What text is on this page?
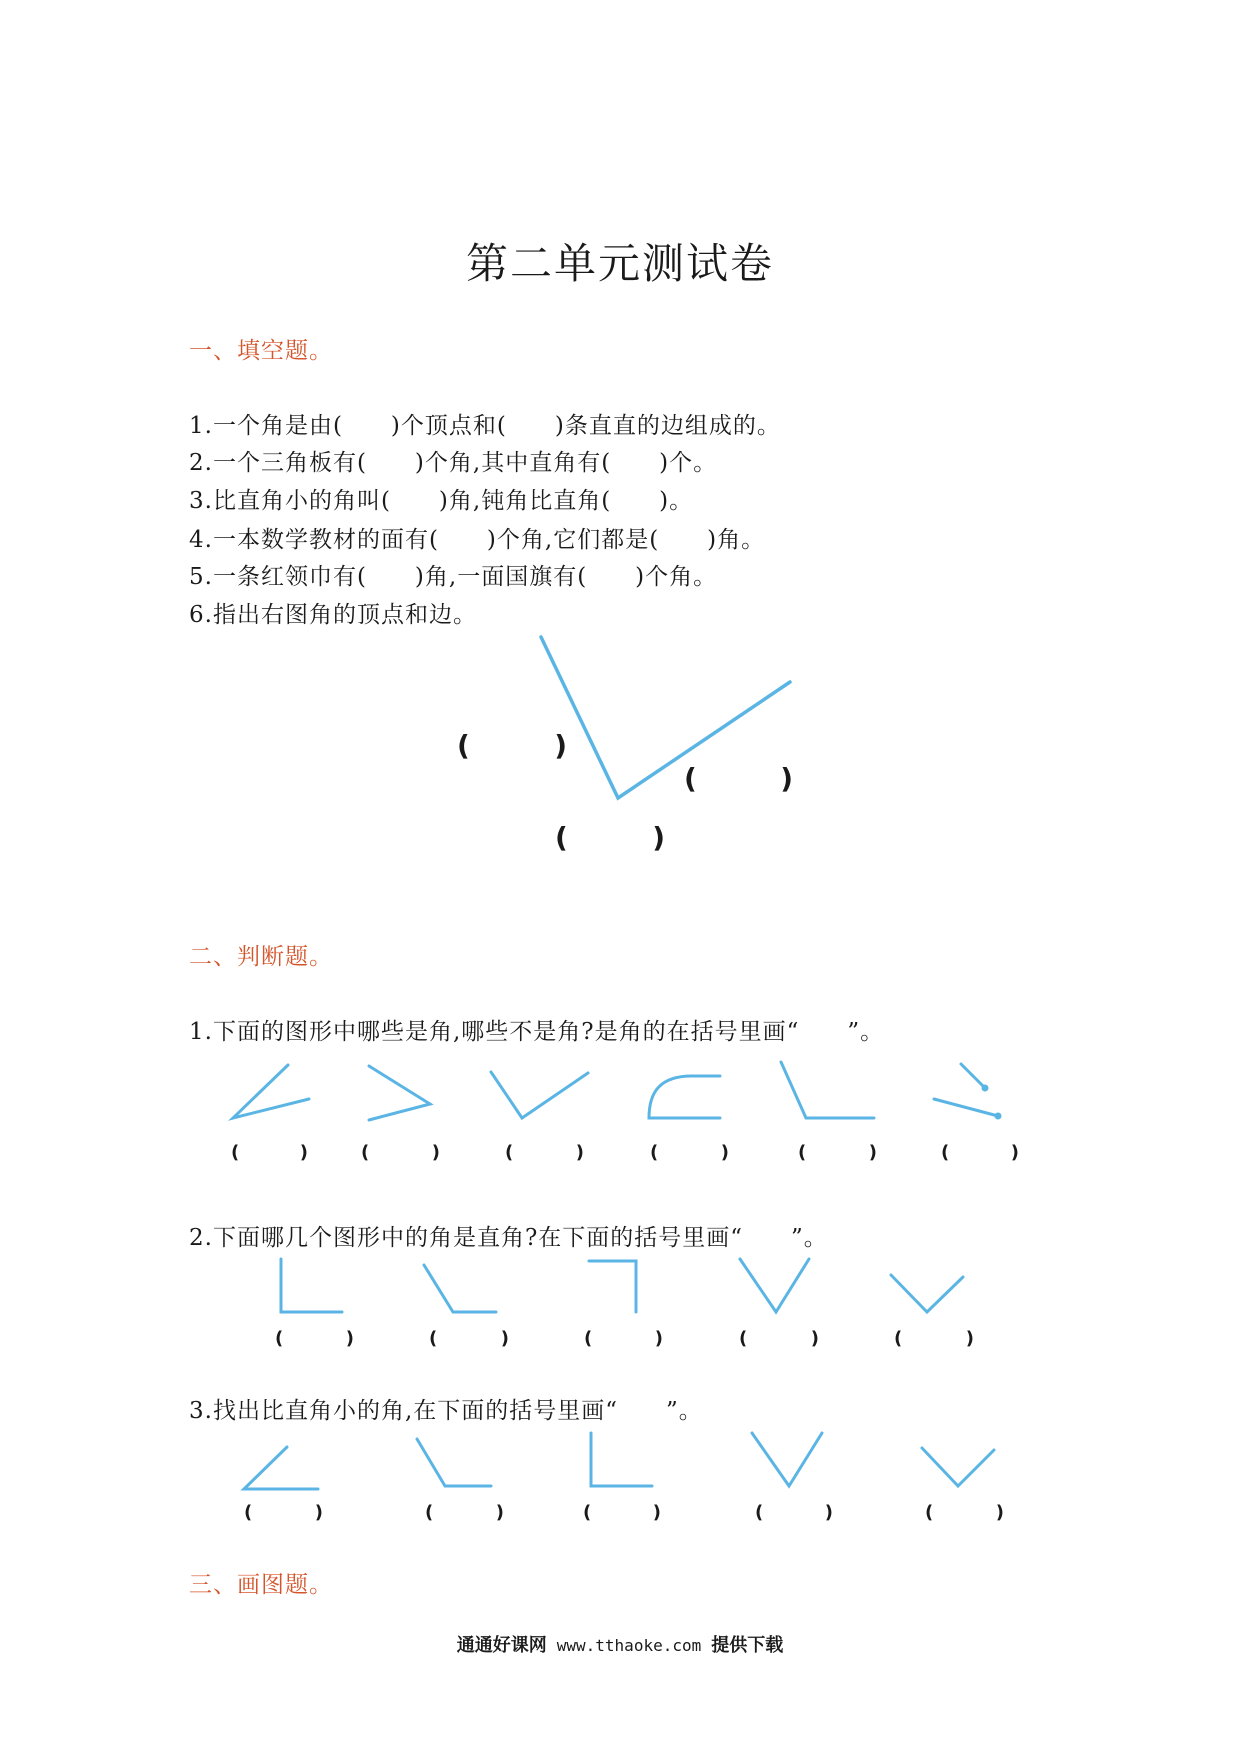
第二单元测试卷
一、填空题。
1.一个角是由(　　)个顶点和(　　)条直直的边组成的。
2.一个三角板有(　　)个角,其中直角有(　　)个。
3.比直角小的角叫(　　)角,钝角比直角(　　)。
4.一本数学教材的面有(　　)个角,它们都是(　　)角。
5.一条红领巾有(　　)角,一面国旗有(　　)个角。
6.指出右图角的顶点和边。
(	)
(	)
(	)
二、判断题。
1.下面的图形中哪些是角,哪些不是角?是角的在括号里画“　　”。
(	)	(	)	(	)	(	)	(	)	(	)
2.下面哪几个图形中的角是直角?在下面的括号里画“　　”。
(	)	(	)	(	)	(	)	(	)
3.找出比直角小的角,在下面的括号里画“　　”。
(	)	(	)	(	)	(	)	(	)
三、画图题。
通通好课网 www.tthaoke.com 提供下载
